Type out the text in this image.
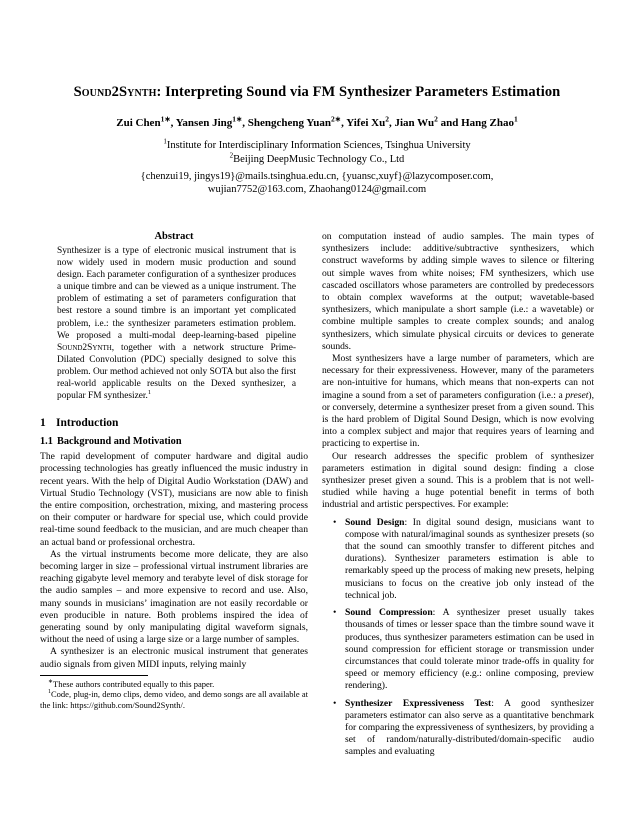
Sound2Synth: Interpreting Sound via FM Synthesizer Parameters Estimation
Zui Chen$^{1∗}$, Yansen Jing$^{1∗}$, Shengcheng Yuan$^{2∗}$, Yifei Xu$^2$, Jian Wu$^2$ and Hang Zhao$^1$
$^1$Institute for Interdisciplinary Information Sciences, Tsinghua University
$^2$Beijing DeepMusic Technology Co., Ltd
{chenzui19, jingys19}@mails.tsinghua.edu.cn, {yuansc,xuyf}@lazycomposer.com,
wujian7752@163.com, Zhaohang0124@gmail.com
Abstract
Synthesizer is a type of electronic musical instrument that is now widely used in modern music production and sound design. Each parameter configuration of a synthesizer produces a unique timbre and can be viewed as a unique instrument. The problem of estimating a set of parameters configuration that best restore a sound timbre is an important yet complicated problem, i.e.: the synthesizer parameters estimation problem. We proposed a multi-modal deep-learning-based pipeline Sound2Synth, together with a network structure Prime-Dilated Convolution (PDC) specially designed to solve this problem. Our method achieved not only SOTA but also the first real-world applicable results on the Dexed synthesizer, a popular FM synthesizer.$^1$
1 Introduction
1.1 Background and Motivation

The rapid development of computer hardware and digital audio processing technologies has greatly influenced the music industry in recent years. With the help of Digital Audio Workstation (DAW) and Virtual Studio Technology (VST), musicians are now able to finish the entire composition, orchestration, mixing, and mastering process on their computer or hardware for special use, which could provide real-time sound feedback to the musician, and are much cheaper than an actual band or professional orchestra.

As the virtual instruments become more delicate, they are also becoming larger in size – professional virtual instrument libraries are reaching gigabyte level memory and terabyte level of disk storage for the audio samples – and more expensive to record and use. Also, many sounds in musicians’ imagination are not easily recordable or even producible in nature. Both problems inspired the idea of generating sound by only manipulating digital waveform signals, without the need of using a large size or a large number of samples.

A synthesizer is an electronic musical instrument that generates audio signals from given MIDI inputs, relying mainly

∗These authors contributed equally to this paper.

$^1$Code, plug-in, demo clips, demo video, and demo songs are all available at the link: https://github.com/Sound2Synth/.

on computation instead of audio samples. The main types of synthesizers include: additive/subtractive synthesizers, which construct waveforms by adding simple waves to silence or filtering out simple waves from white noises; FM synthesizers, which use cascaded oscillators whose parameters are controlled by predecessors to obtain complex waveforms at the output; wavetable-based synthesizers, which manipulate a short sample (i.e.: a wavetable) or combine multiple samples to create complex sounds; and analog synthesizers, which simulate physical circuits or devices to generate sounds.

Most synthesizers have a large number of parameters, which are necessary for their expressiveness. However, many of the parameters are non-intuitive for humans, which means that non-experts can not imagine a sound from a set of parameters configuration (i.e.: a preset), or conversely, determine a synthesizer preset from a given sound. This is the hard problem of Digital Sound Design, which is now evolving into a complex subject and major that requires years of learning and practicing to expertise in.

Our research addresses the specific problem of synthesizer parameters estimation in digital sound design: finding a close synthesizer preset given a sound. This is a problem that is not well-studied while having a huge potential benefit in terms of both industrial and artistic perspectives. For example:

• Sound Design: In digital sound design, musicians want to compose with natural/imaginal sounds as synthesizer presets (so that the sound can smoothly transfer to different pitches and durations). Synthesizer parameters estimation is able to remarkably speed up the process of making new presets, helping musicians to focus on the creative job only instead of the technical job.
• Sound Compression: A synthesizer preset usually takes thousands of times or lesser space than the timbre sound wave it produces, thus synthesizer parameters estimation can be used in sound compression for efficient storage or transmission under circumstances that could tolerate minor trade-offs in quality for speed or memory efficiency (e.g.: online composing, preview rendering).
• Synthesizer Expressiveness Test: A good synthesizer parameters estimator can also serve as a quantitative benchmark for comparing the expressiveness of synthesizers, by providing a set of random/naturally-distributed/domain-specific audio samples and evaluating
